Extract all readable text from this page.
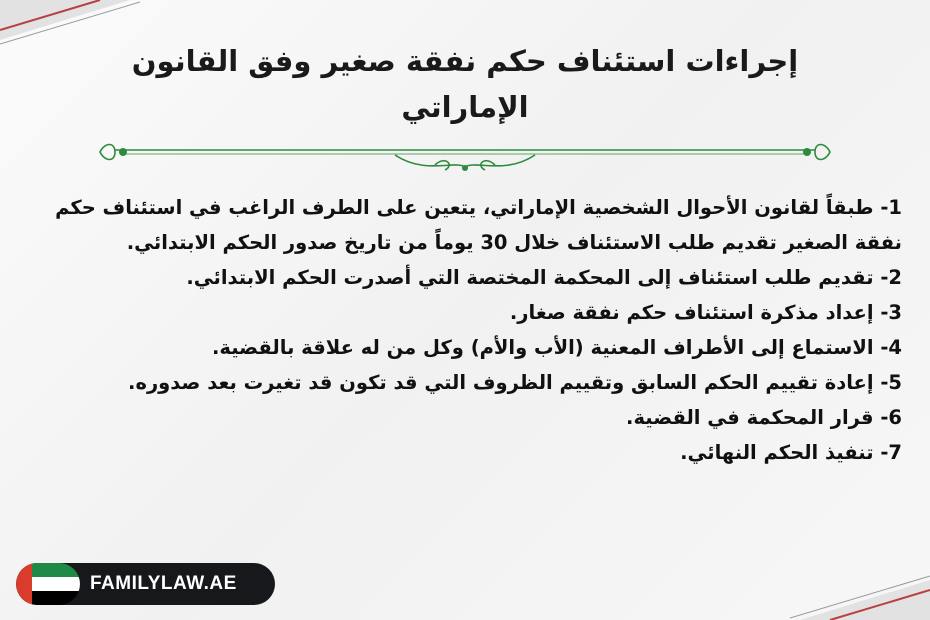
إجراءات استئناف حكم نفقة صغير وفق القانون الإماراتي
1- طبقاً لقانون الأحوال الشخصية الإماراتي، يتعين على الطرف الراغب في استئناف حكم نفقة الصغير تقديم طلب الاستئناف خلال 30 يوماً من تاريخ صدور الحكم الابتدائي.
2- تقديم طلب استئناف إلى المحكمة المختصة التي أصدرت الحكم الابتدائي.
3- إعداد مذكرة استئناف حكم نفقة صغار.
4- الاستماع إلى الأطراف المعنية (الأب والأم) وكل من له علاقة بالقضية.
5- إعادة تقييم الحكم السابق وتقييم الظروف التي قد تكون قد تغيرت بعد صدوره.
6- قرار المحكمة في القضية.
7- تنفيذ الحكم النهائي.
FAMILYLAW.AE
